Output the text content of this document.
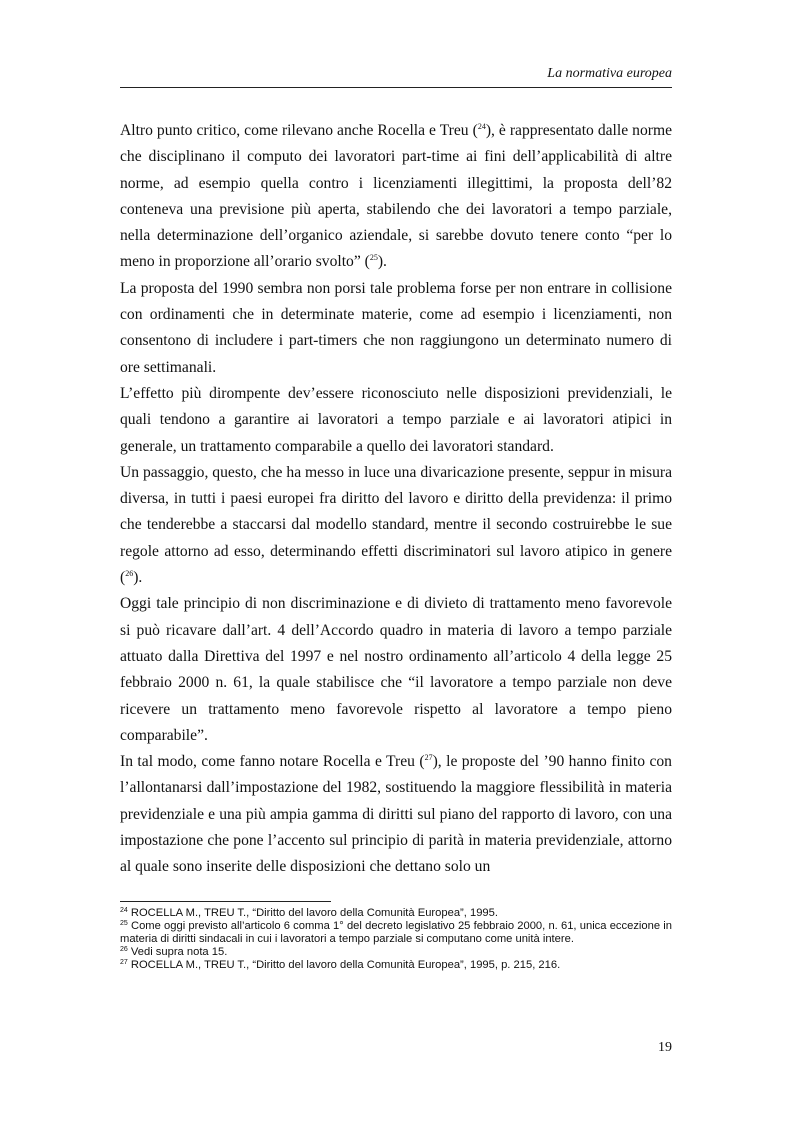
La normativa europea

Altro punto critico, come rilevano anche Rocella e Treu ($^{24}$), è rappresentato dalle norme che disciplinano il computo dei lavoratori part-time ai fini dell’applicabilità di altre norme, ad esempio quella contro i licenziamenti illegittimi, la proposta dell’82 conteneva una previsione più aperta, stabilendo che dei lavoratori a tempo parziale, nella determinazione dell’organico aziendale, si sarebbe dovuto tenere conto “per lo meno in proporzione all’orario svolto” ($^{25}$).

La proposta del 1990 sembra non porsi tale problema forse per non entrare in collisione con ordinamenti che in determinate materie, come ad esempio i licenziamenti, non consentono di includere i part-timers che non raggiungono un determinato numero di ore settimanali.

L’effetto più dirompente dev’essere riconosciuto nelle disposizioni previdenziali, le quali tendono a garantire ai lavoratori a tempo parziale e ai lavoratori atipici in generale, un trattamento comparabile a quello dei lavoratori standard.

Un passaggio, questo, che ha messo in luce una divaricazione presente, seppur in misura diversa, in tutti i paesi europei fra diritto del lavoro e diritto della previdenza: il primo che tenderebbe a staccarsi dal modello standard, mentre il secondo costruirebbe le sue regole attorno ad esso, determinando effetti discriminatori sul lavoro atipico in genere ($^{26}$).

Oggi tale principio di non discriminazione e di divieto di trattamento meno favorevole si può ricavare dall’art. 4 dell’Accordo quadro in materia di lavoro a tempo parziale attuato dalla Direttiva del 1997 e nel nostro ordinamento all’articolo 4 della legge 25 febbraio 2000 n. 61, la quale stabilisce che “il lavoratore a tempo parziale non deve ricevere un trattamento meno favorevole rispetto al lavoratore a tempo pieno comparabile”.

In tal modo, come fanno notare Rocella e Treu ($^{27}$), le proposte del ’90 hanno finito con l’allontanarsi dall’impostazione del 1982, sostituendo la maggiore flessibilità in materia previdenziale e una più ampia gamma di diritti sul piano del rapporto di lavoro, con una impostazione che pone l’accento sul principio di parità in materia previdenziale, attorno al quale sono inserite delle disposizioni che dettano solo un

$^{24}$ ROCELLA M., TREU T., “Diritto del lavoro della Comunità Europea”, 1995.

$^{25}$ Come oggi previsto all’articolo 6 comma 1° del decreto legislativo 25 febbraio 2000, n. 61, unica eccezione in materia di diritti sindacali in cui i lavoratori a tempo parziale si computano come unità intere.

$^{26}$ Vedi supra nota 15.

$^{27}$ ROCELLA M., TREU T., “Diritto del lavoro della Comunità Europea”, 1995, p. 215, 216.

19
